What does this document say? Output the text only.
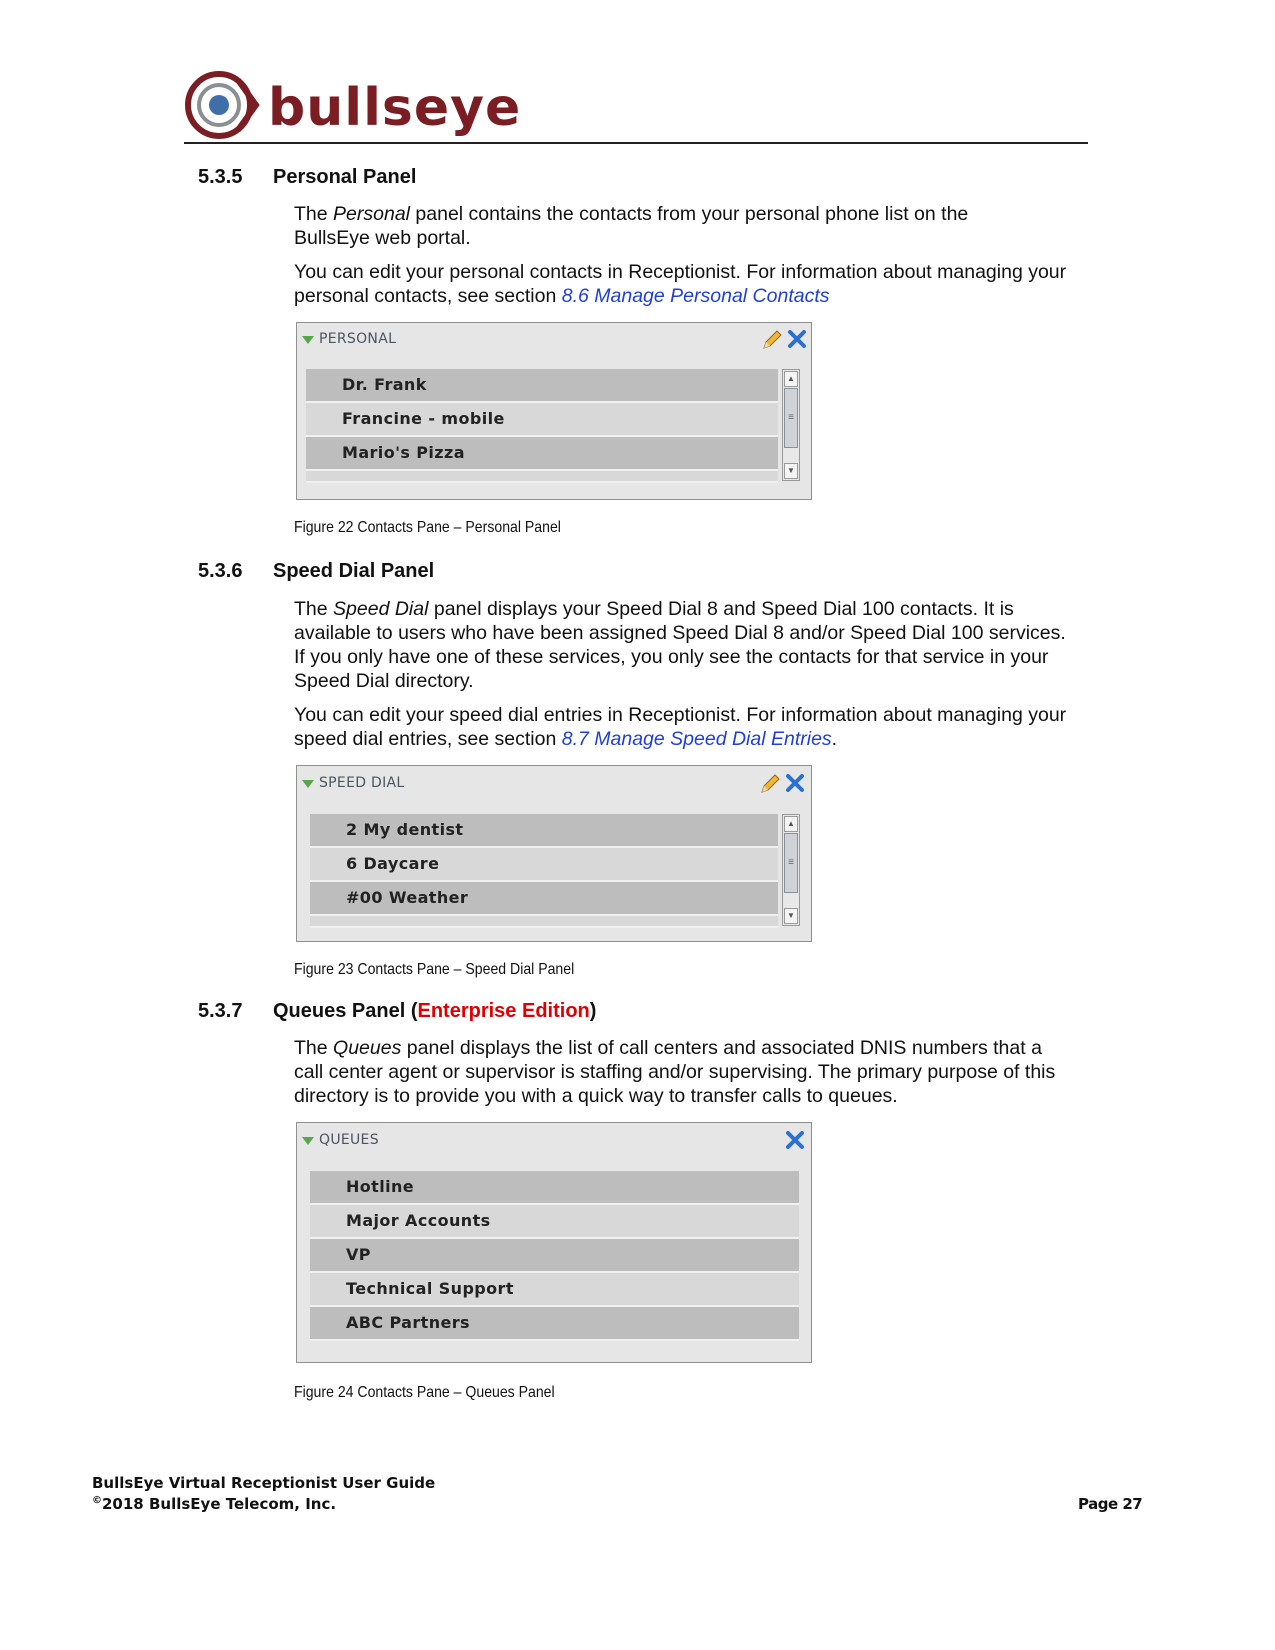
bullseye
5.3.5 Personal Panel
The Personal panel contains the contacts from your personal phone list on the
BullsEye web portal.
You can edit your personal contacts in Receptionist. For information about managing your
personal contacts, see section 8.6 Manage Personal Contacts
PERSONAL
Dr. Frank
Francine - mobile
Mario's Pizza
▲
≡
▼
Figure 22 Contacts Pane – Personal Panel
5.3.6 Speed Dial Panel
The Speed Dial panel displays your Speed Dial 8 and Speed Dial 100 contacts. It is
available to users who have been assigned Speed Dial 8 and/or Speed Dial 100 services.
If you only have one of these services, you only see the contacts for that service in your
Speed Dial directory.
You can edit your speed dial entries in Receptionist. For information about managing your
speed dial entries, see section 8.7 Manage Speed Dial Entries.
SPEED DIAL
2 My dentist
6 Daycare
#00 Weather
▲
≡
▼
Figure 23 Contacts Pane – Speed Dial Panel
5.3.7 Queues Panel (Enterprise Edition)
The Queues panel displays the list of call centers and associated DNIS numbers that a
call center agent or supervisor is staffing and/or supervising. The primary purpose of this
directory is to provide you with a quick way to transfer calls to queues.
QUEUES
Hotline
Major Accounts
VP
Technical Support
ABC Partners
Figure 24 Contacts Pane – Queues Panel
BullsEye Virtual Receptionist User Guide
©2018 BullsEye Telecom, Inc.	Page 27
